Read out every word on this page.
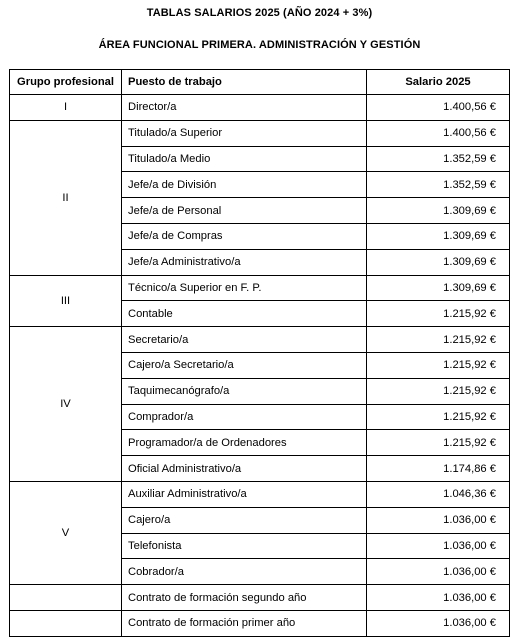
TABLAS SALARIOS 2025 (AÑO 2024 + 3%)
ÁREA FUNCIONAL PRIMERA. ADMINISTRACIÓN Y GESTIÓN
Grupo profesional	Puesto de trabajo	Salario 2025
I	Director/a	1.400,56 €
II	Titulado/a Superior	1.400,56 €
	Titulado/a Medio	1.352,59 €
	Jefe/a de División	1.352,59 €
	Jefe/a de Personal	1.309,69 €
	Jefe/a de Compras	1.309,69 €
	Jefe/a Administrativo/a	1.309,69 €
III	Técnico/a Superior en F. P.	1.309,69 €
	Contable	1.215,92 €
IV	Secretario/a	1.215,92 €
	Cajero/a Secretario/a	1.215,92 €
	Taquimecanógrafo/a	1.215,92 €
	Comprador/a	1.215,92 €
	Programador/a de Ordenadores	1.215,92 €
	Oficial Administrativo/a	1.174,86 €
V	Auxiliar Administrativo/a	1.046,36 €
	Cajero/a	1.036,00 €
	Telefonista	1.036,00 €
	Cobrador/a	1.036,00 €
	Contrato de formación segundo año	1.036,00 €
	Contrato de formación primer año	1.036,00 €
